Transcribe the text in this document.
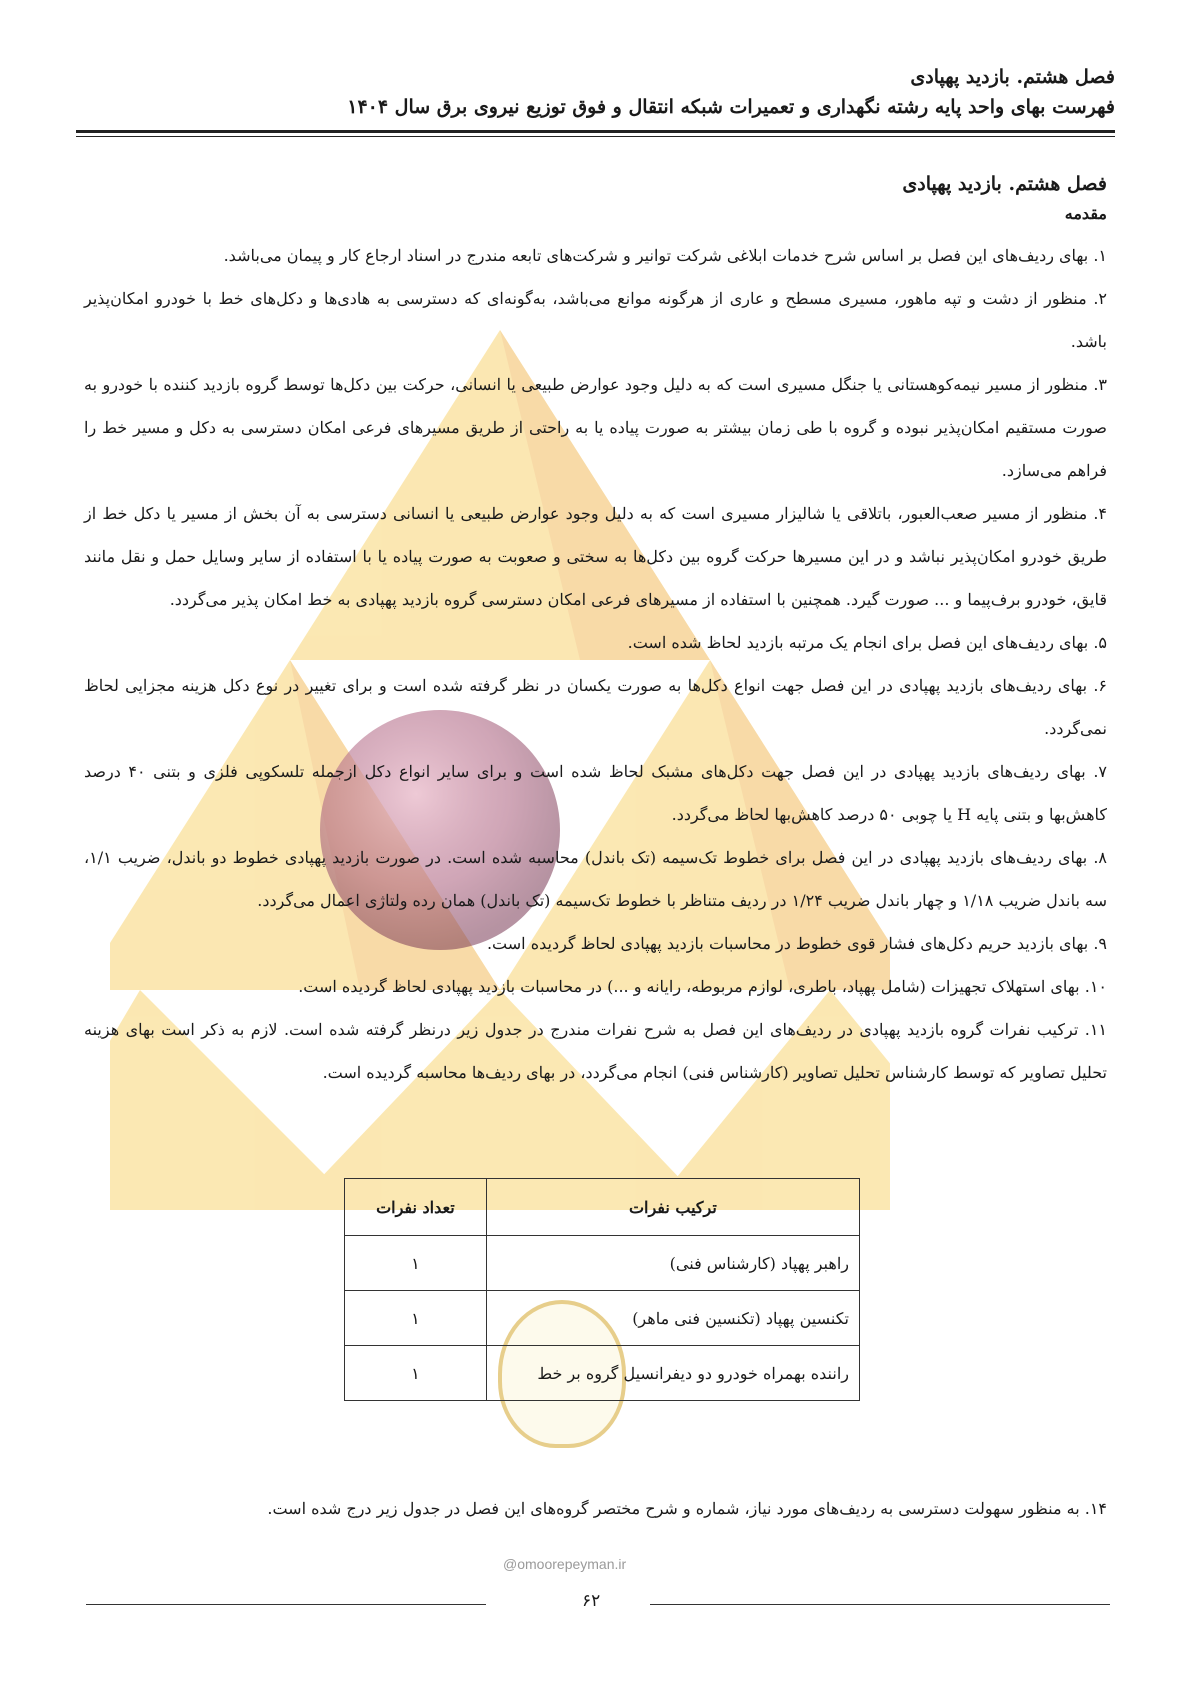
فصل هشتم. بازدید پهپادی
فهرست بهای واحد پایه رشته نگهداری و تعمیرات شبکه انتقال و فوق توزیع نیروی برق سال ۱۴۰۴

فصل هشتم. بازدید پهپادی

مقدمه

۱. بهای ردیف‌های این فصل بر اساس شرح خدمات ابلاغی شرکت توانیر و شرکت‌های تابعه مندرج در اسناد ارجاع کار و پیمان می‌باشد.

۲. منظور از دشت و تپه ماهور، مسیری مسطح و عاری از هرگونه موانع می‌باشد، به‌گونه‌ای که دسترسی به هادی‌ها و دکل‌های خط با خودرو امکان‌پذیر باشد.

۳. منظور از مسیر نیمه‌کوهستانی یا جنگل مسیری است که به دلیل وجود عوارض طبیعی یا انسانی، حرکت بین دکل‌ها توسط گروه بازدید کننده با خودرو به صورت مستقیم امکان‌پذیر نبوده و گروه با طی زمان بیشتر به صورت پیاده یا به راحتی از طریق مسیرهای فرعی امکان دسترسی به دکل و مسیر خط را فراهم می‌سازد.

۴. منظور از مسیر صعب‌العبور، باتلاقی یا شالیزار مسیری است که به دلیل وجود عوارض طبیعی یا انسانی دسترسی به آن بخش از مسیر یا دکل خط از طریق خودرو امکان‌پذیر نباشد و در این مسیرها حرکت گروه بین دکل‌ها به سختی و صعوبت به صورت پیاده یا با استفاده از سایر وسایل حمل و نقل مانند قایق، خودرو برف‌پیما و ... صورت گیرد. همچنین با استفاده از مسیرهای فرعی امکان دسترسی گروه بازدید پهپادی به خط امکان پذیر می‌گردد.

۵. بهای ردیف‌های این فصل برای انجام یک مرتبه بازدید لحاظ شده است.

۶. بهای ردیف‌های بازدید پهپادی در این فصل جهت انواع دکل‌ها به صورت یکسان در نظر گرفته شده است و برای تغییر در نوع دکل هزینه مجزایی لحاظ نمی‌گردد.

۷. بهای ردیف‌های بازدید پهپادی در این فصل جهت دکل‌های مشبک لحاظ شده است و برای سایر انواع دکل ازجمله تلسکوپی فلزی و بتنی ۴۰ درصد کاهش‌بها و بتنی پایه H یا چوبی ۵۰ درصد کاهش‌بها لحاظ می‌گردد.

۸. بهای ردیف‌های بازدید پهپادی در این فصل برای خطوط تک‌سیمه (تک باندل) محاسبه شده است. در صورت بازدید پهپادی خطوط دو باندل، ضریب ۱/۱، سه باندل ضریب ۱/۱۸ و چهار باندل ضریب ۱/۲۴ در ردیف متناظر با خطوط تک‌سیمه (تک باندل) همان رده ولتاژی اعمال می‌گردد.

۹. بهای بازدید حریم دکل‌های فشار قوی خطوط در محاسبات بازدید پهپادی لحاظ گردیده است.

۱۰. بهای استهلاک تجهیزات (شامل پهپاد، باطری، لوازم مربوطه، رایانه و ...) در محاسبات بازدید پهپادی لحاظ گردیده است.

۱۱. ترکیب نفرات گروه بازدید پهپادی در ردیف‌های این فصل به شرح نفرات مندرج در جدول زیر درنظر گرفته شده است. لازم به ذکر است بهای هزینه تحلیل تصاویر که توسط کارشناس تحلیل تصاویر (کارشناس فنی) انجام می‌گردد، در بهای ردیف‌ها محاسبه گردیده است.

ترکیب نفرات	تعداد نفرات
راهبر پهپاد (کارشناس فنی)	۱
تکنسین پهپاد (تکنسین فنی ماهر)	۱
راننده بهمراه خودرو دو دیفرانسیل گروه بر خط	۱

۱۴. به منظور سهولت دسترسی به ردیف‌های مورد نیاز، شماره و شرح مختصر گروه‌های این فصل در جدول زیر درج شده است.

@omoorepeyman.ir
۶۲
